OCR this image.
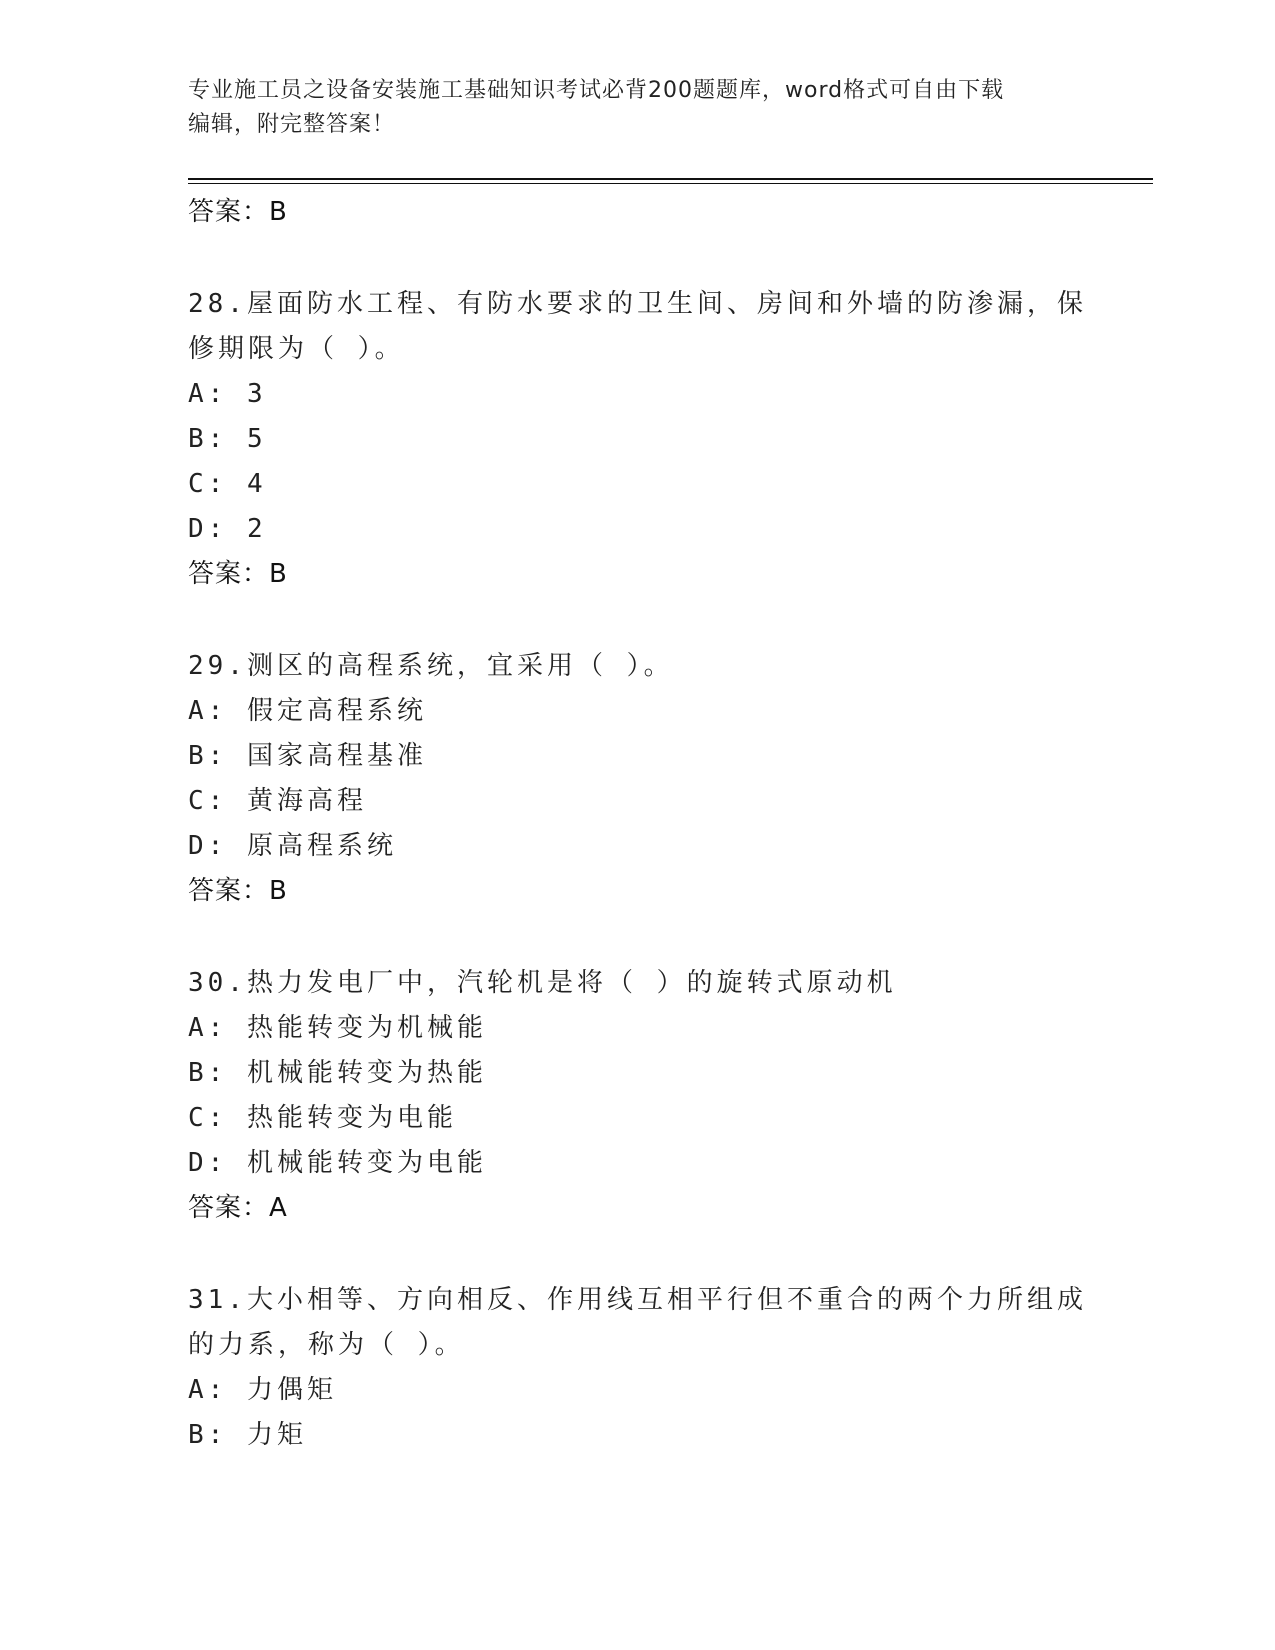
专业施工员之设备安装施工基础知识考试必背200题题库，word格式可自由下载
编辑，附完整答案！
答案：B
28.屋面防水工程、有防水要求的卫生间、房间和外墙的防渗漏，保修期限为（ ）。
A: 3
B: 5
C: 4
D: 2
答案：B
29.测区的高程系统，宜采用（ ）。
A: 假定高程系统
B: 国家高程基准
C: 黄海高程
D: 原高程系统
答案：B
30.热力发电厂中，汽轮机是将（ ）的旋转式原动机
A: 热能转变为机械能
B: 机械能转变为热能
C: 热能转变为电能
D: 机械能转变为电能
答案：A
31.大小相等、方向相反、作用线互相平行但不重合的两个力所组成的力系，称为（ ）。
A: 力偶矩
B: 力矩
